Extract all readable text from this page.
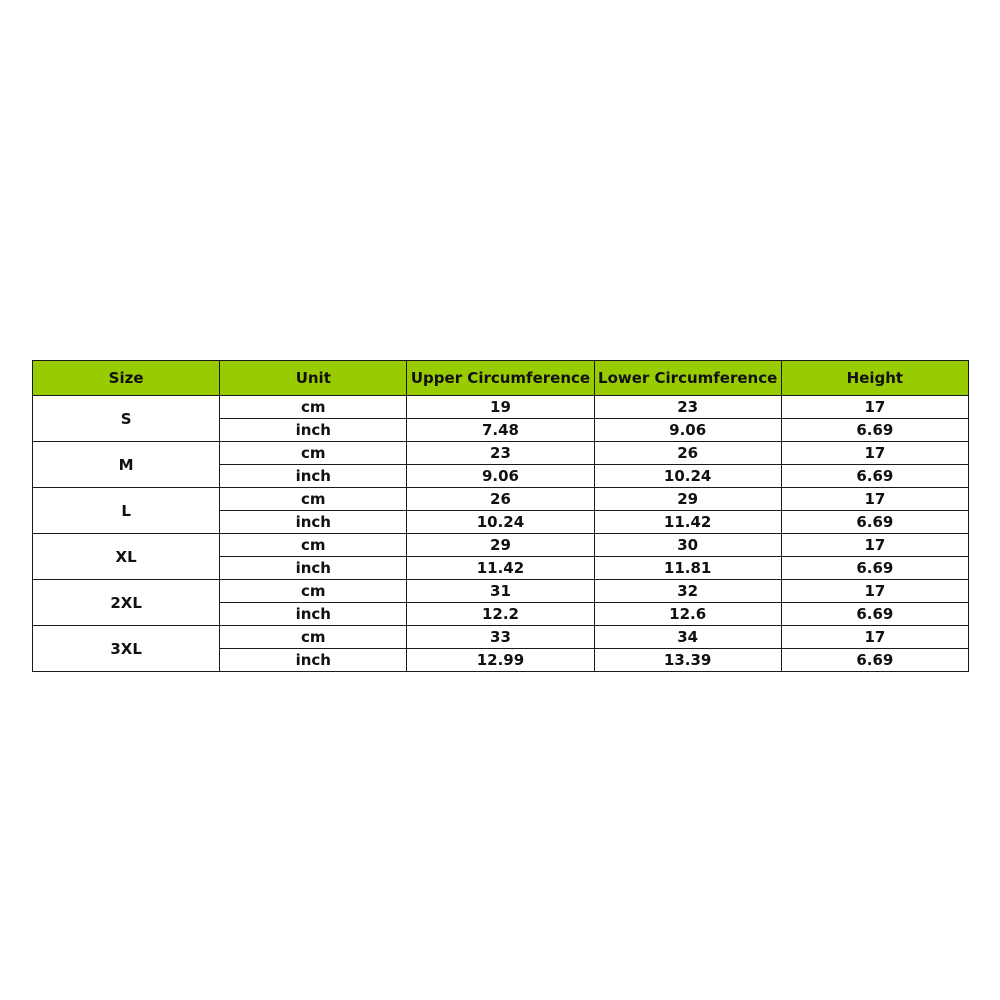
Size	Unit	Upper Circumference	Lower Circumference	Height
S	cm	19	23	17
	inch	7.48	9.06	6.69
M	cm	23	26	17
	inch	9.06	10.24	6.69
L	cm	26	29	17
	inch	10.24	11.42	6.69
XL	cm	29	30	17
	inch	11.42	11.81	6.69
2XL	cm	31	32	17
	inch	12.2	12.6	6.69
3XL	cm	33	34	17
	inch	12.99	13.39	6.69
